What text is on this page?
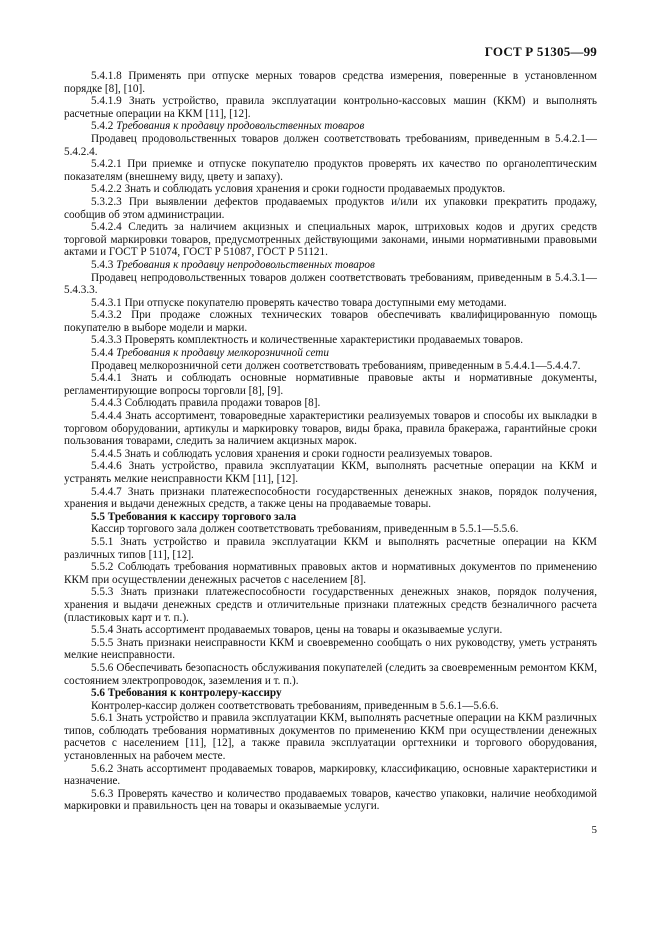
ГОСТ Р 51305—99

5.4.1.8 Применять при отпуске мерных товаров средства измерения, поверенные в установленном порядке [8], [10].

5.4.1.9 Знать устройство, правила эксплуатации контрольно-кассовых машин (ККМ) и выполнять расчетные операции на ККМ [11], [12].

5.4.2 Требования к продавцу продовольственных товаров

Продавец продовольственных товаров должен соответствовать требованиям, приведенным в 5.4.2.1—5.4.2.4.

5.4.2.1 При приемке и отпуске покупателю продуктов проверять их качество по органолептическим показателям (внешнему виду, цвету и запаху).

5.4.2.2 Знать и соблюдать условия хранения и сроки годности продаваемых продуктов.

5.3.2.3 При выявлении дефектов продаваемых продуктов и/или их упаковки прекратить продажу, сообщив об этом администрации.

5.4.2.4 Следить за наличием акцизных и специальных марок, штриховых кодов и других средств торговой маркировки товаров, предусмотренных действующими законами, иными нормативными правовыми актами и ГОСТ Р 51074, ГОСТ Р 51087, ГОСТ Р 51121.

5.4.3 Требования к продавцу непродовольственных товаров

Продавец непродовольственных товаров должен соответствовать требованиям, приведенным в 5.4.3.1—5.4.3.3.

5.4.3.1 При отпуске покупателю проверять качество товара доступными ему методами.

5.4.3.2 При продаже сложных технических товаров обеспечивать квалифицированную помощь покупателю в выборе модели и марки.

5.4.3.3 Проверять комплектность и количественные характеристики продаваемых товаров.

5.4.4 Требования к продавцу мелкорозничной сети

Продавец мелкорозничной сети должен соответствовать требованиям, приведенным в 5.4.4.1—5.4.4.7.

5.4.4.1 Знать и соблюдать основные нормативные правовые акты и нормативные документы, регламентирующие вопросы торговли [8], [9].

5.4.4.3 Соблюдать правила продажи товаров [8].

5.4.4.4 Знать ассортимент, товароведные характеристики реализуемых товаров и способы их выкладки в торговом оборудовании, артикулы и маркировку товаров, виды брака, правила бракеража, гарантийные сроки пользования товарами, следить за наличием акцизных марок.

5.4.4.5 Знать и соблюдать условия хранения и сроки годности реализуемых товаров.

5.4.4.6 Знать устройство, правила эксплуатации ККМ, выполнять расчетные операции на ККМ и устранять мелкие неисправности ККМ [11], [12].

5.4.4.7 Знать признаки платежеспособности государственных денежных знаков, порядок получения, хранения и выдачи денежных средств, а также цены на продаваемые товары.

5.5 Требования к кассиру торгового зала

Кассир торгового зала должен соответствовать требованиям, приведенным в 5.5.1—5.5.6.

5.5.1 Знать устройство и правила эксплуатации ККМ и выполнять расчетные операции на ККМ различных типов [11], [12].

5.5.2 Соблюдать требования нормативных правовых актов и нормативных документов по применению ККМ при осуществлении денежных расчетов с населением [8].

5.5.3 Знать признаки платежеспособности государственных денежных знаков, порядок получения, хранения и выдачи денежных средств и отличительные признаки платежных средств безналичного расчета (пластиковых карт и т. п.).

5.5.4 Знать ассортимент продаваемых товаров, цены на товары и оказываемые услуги.

5.5.5 Знать признаки неисправности ККМ и своевременно сообщать о них руководству, уметь устранять мелкие неисправности.

5.5.6 Обеспечивать безопасность обслуживания покупателей (следить за своевременным ремонтом ККМ, состоянием электропроводок, заземления и т. п.).

5.6 Требования к контролеру-кассиру

Контролер-кассир должен соответствовать требованиям, приведенным в 5.6.1—5.6.6.

5.6.1 Знать устройство и правила эксплуатации ККМ, выполнять расчетные операции на ККМ различных типов, соблюдать требования нормативных документов по применению ККМ при осуществлении денежных расчетов с населением [11], [12], а также правила эксплуатации оргтехники и торгового оборудования, установленных на рабочем месте.

5.6.2 Знать ассортимент продаваемых товаров, маркировку, классификацию, основные характеристики и назначение.

5.6.3 Проверять качество и количество продаваемых товаров, качество упаковки, наличие необходимой маркировки и правильность цен на товары и оказываемые услуги.

5
